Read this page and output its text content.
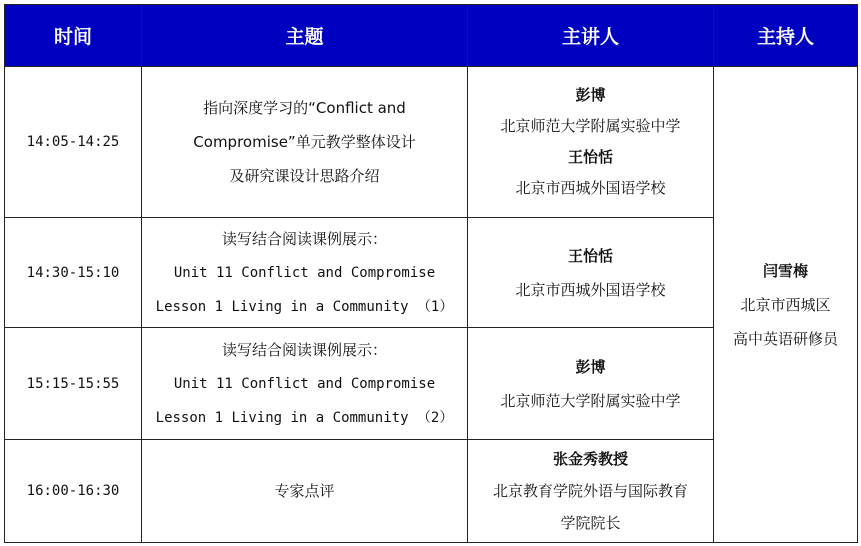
时间	主题	主讲人	主持人
14:05-14:25	指向深度学习的“Conflict and
Compromise”单元教学整体设计
及研究课设计思路介绍	彭博
北京师范大学附属实验中学
王怡恬
北京市西城外国语学校	闫雪梅
北京市西城区
高中英语研修员

14:30-15:10	读写结合阅读课例展示：
Unit 11 Conflict and Compromise
Lesson 1 Living in a Community （1）	王怡恬
北京市西城外国语学校	

15:15-15:55	读写结合阅读课例展示：
Unit 11 Conflict and Compromise
Lesson 1 Living in a Community （2）	彭博
北京师范大学附属实验中学	

16:00-16:30	专家点评	张金秀教授
北京教育学院外语与国际教育
学院院长	
